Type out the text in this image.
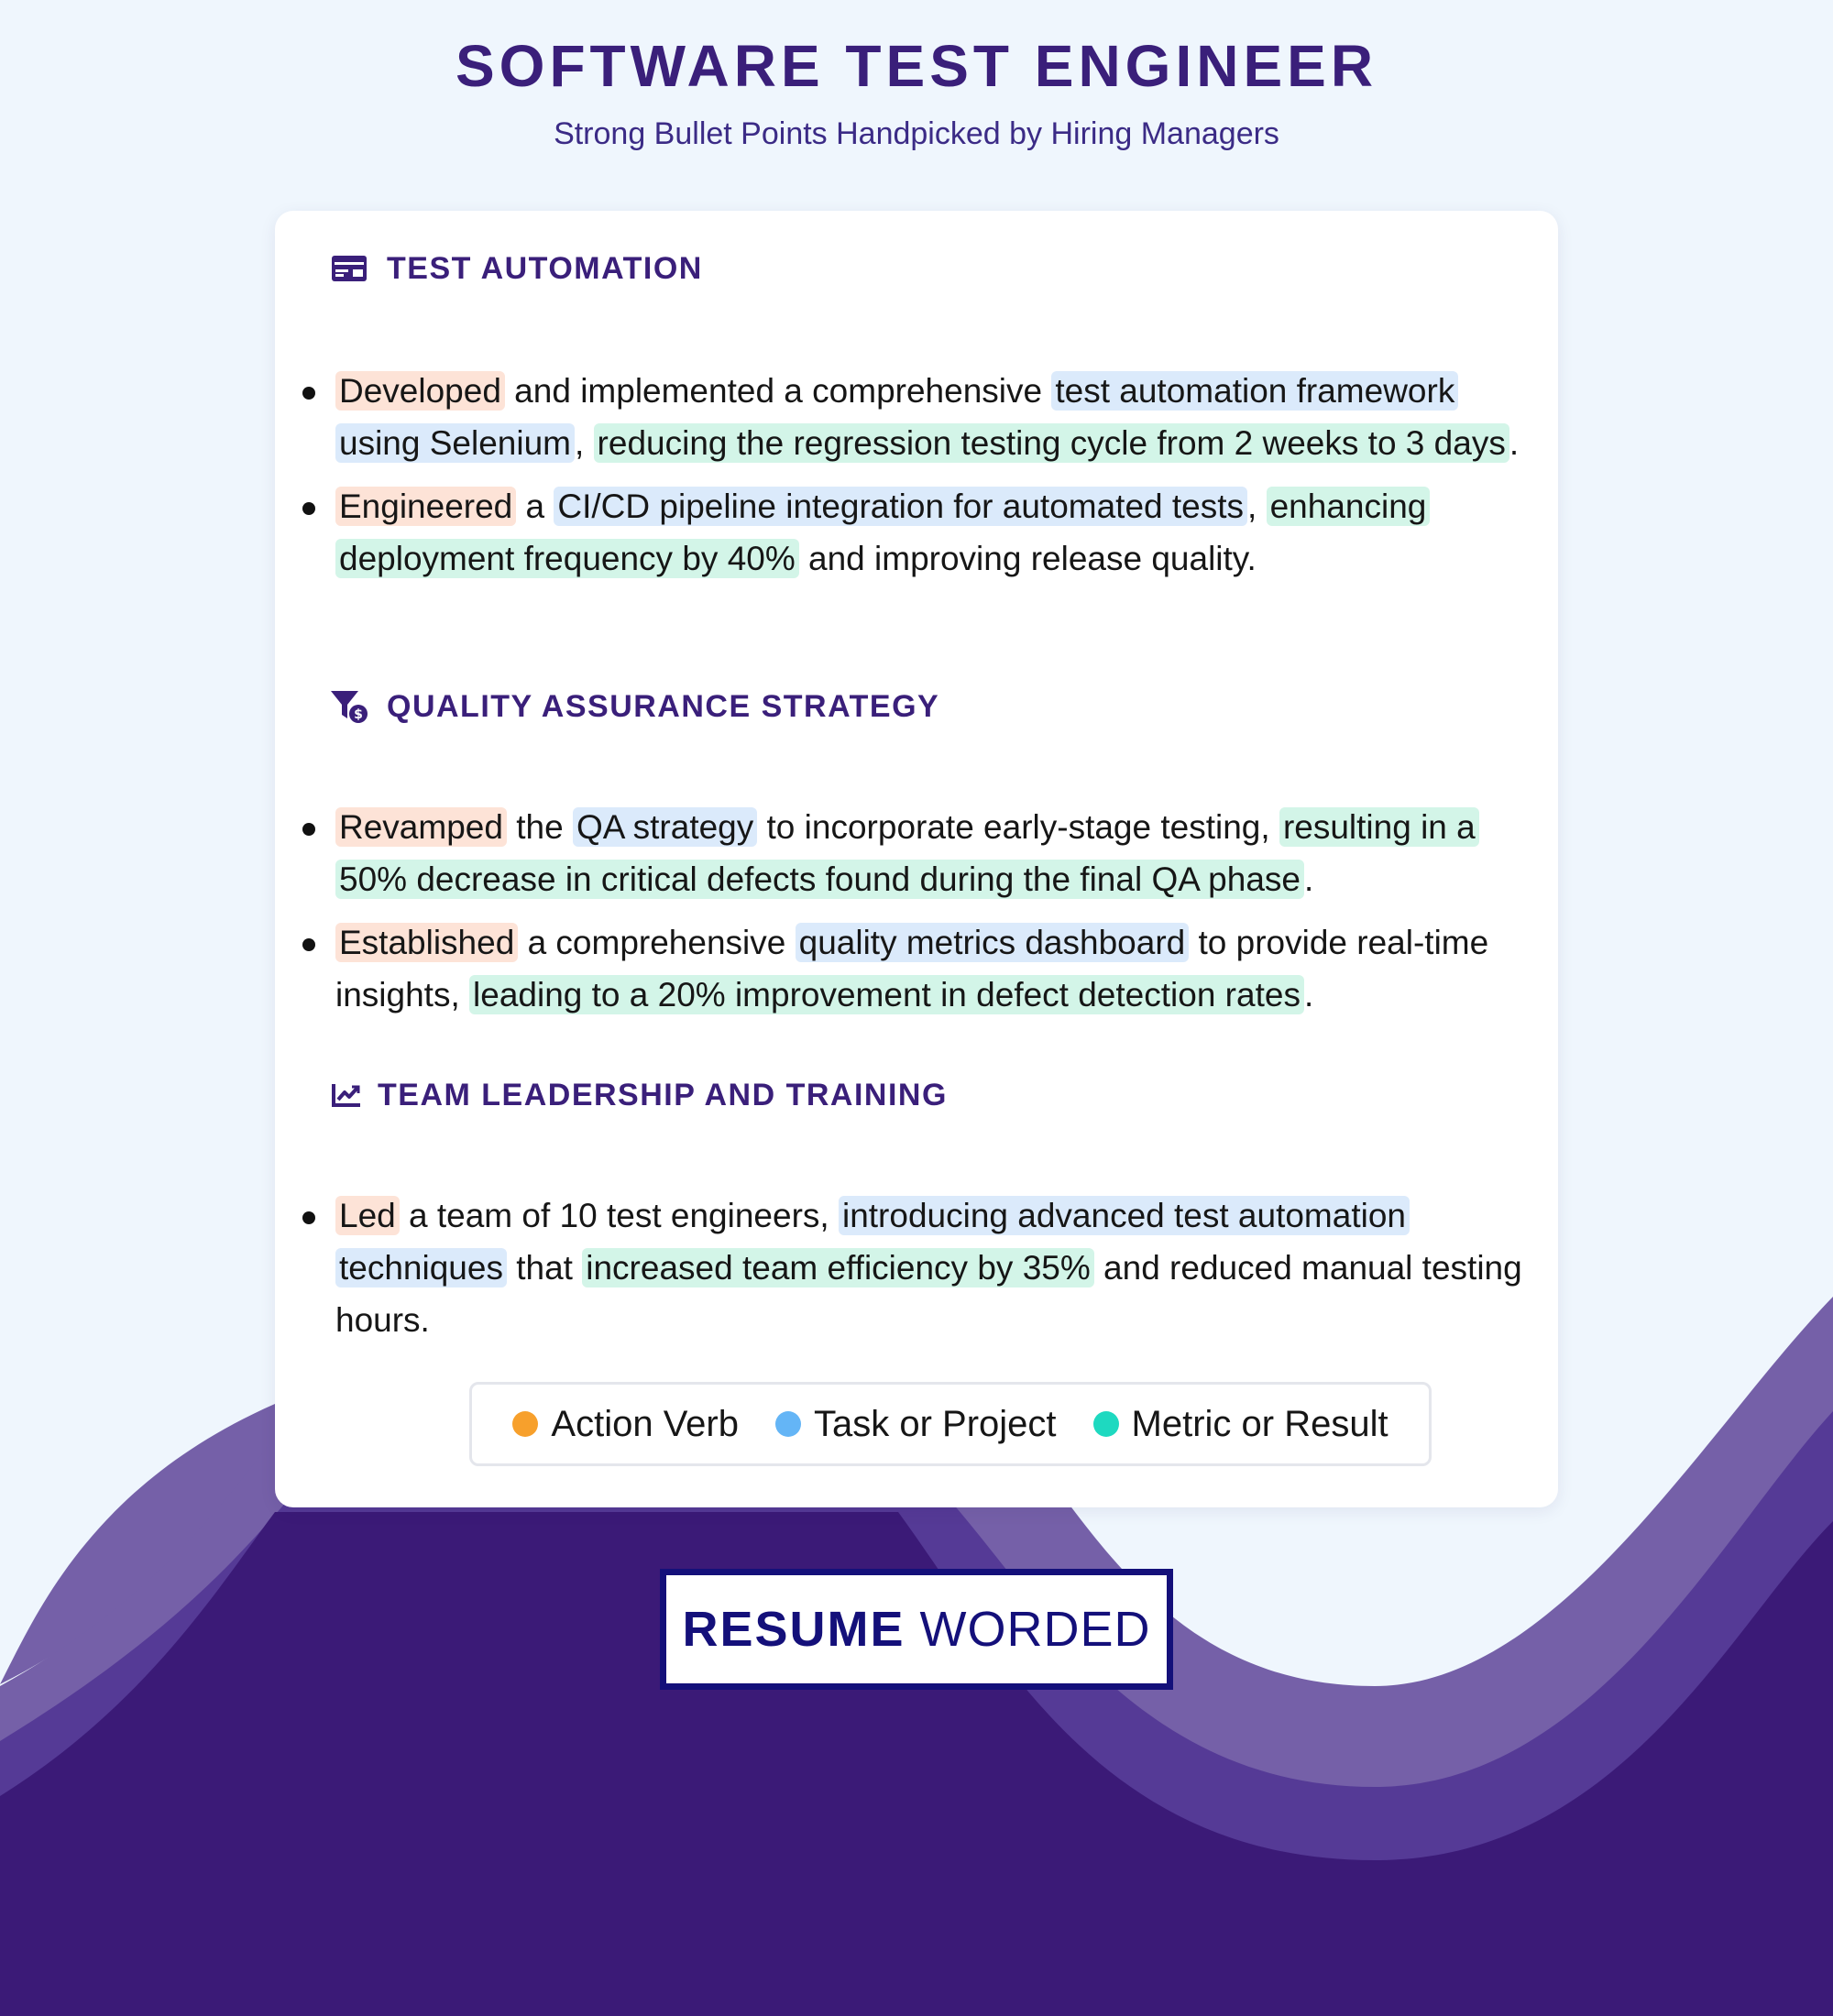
SOFTWARE TEST ENGINEER
Strong Bullet Points Handpicked by Hiring Managers
TEST AUTOMATION
Developed and implemented a comprehensive test automation framework using Selenium , reducing the regression testing cycle from 2 weeks to 3 days .
Engineered a CI/CD pipeline integration for automated tests , enhancing deployment frequency by 40% and improving release quality.
$ QUALITY ASSURANCE STRATEGY
Revamped the QA strategy to incorporate early-stage testing, resulting in a 50% decrease in critical defects found during the final QA phase .
Established a comprehensive quality metrics dashboard to provide real-time insights, leading to a 20% improvement in defect detection rates .
TEAM LEADERSHIP AND TRAINING
Led a team of 10 test engineers, introducing advanced test automation techniques that increased team efficiency by 35% and reduced manual testing hours.
Action Verb Task or Project Metric or Result
RESUME WORDED
